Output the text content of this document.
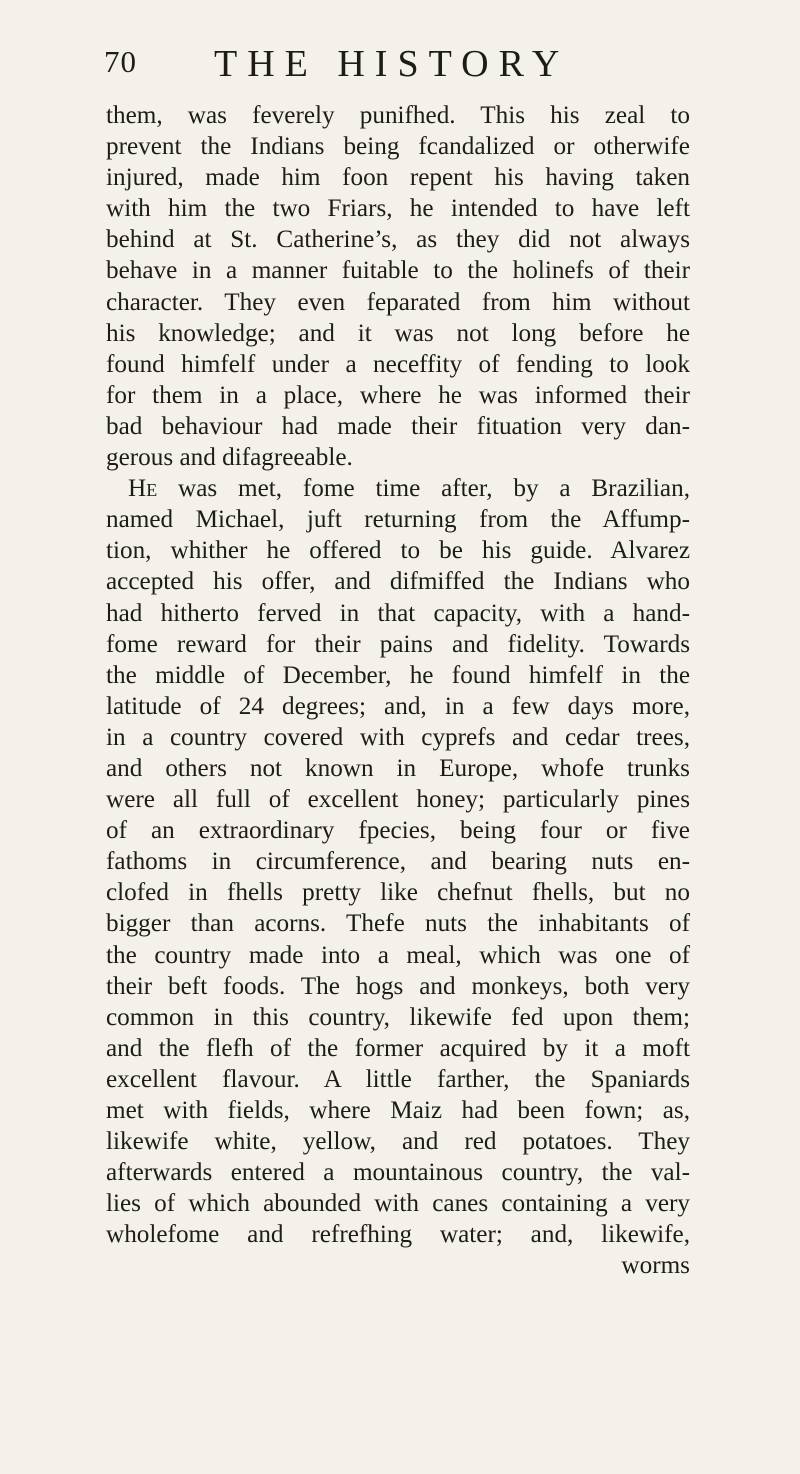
70 THE HISTORY
them, was feverely punifhed. This his zeal to
prevent the Indians being fcandalized or otherwife
injured, made him foon repent his having taken
with him the two Friars, he intended to have left
behind at St. Catherine’s, as they did not always
behave in a manner fuitable to the holinefs of their
character. They even feparated from him without
his knowledge; and it was not long before he
found himfelf under a neceffity of fending to look
for them in a place, where he was informed their
bad behaviour had made their fituation very dan-
gerous and difagreeable.
He was met, fome time after, by a Brazilian,
named Michael, juft returning from the Affump-
tion, whither he offered to be his guide. Alvarez
accepted his offer, and difmiffed the Indians who
had hitherto ferved in that capacity, with a hand-
fome reward for their pains and fidelity. Towards
the middle of December, he found himfelf in the
latitude of 24 degrees; and, in a few days more,
in a country covered with cyprefs and cedar trees,
and others not known in Europe, whofe trunks
were all full of excellent honey; particularly pines
of an extraordinary fpecies, being four or five
fathoms in circumference, and bearing nuts en-
clofed in fhells pretty like chefnut fhells, but no
bigger than acorns. Thefe nuts the inhabitants of
the country made into a meal, which was one of
their beft foods. The hogs and monkeys, both very
common in this country, likewife fed upon them;
and the flefh of the former acquired by it a moft
excellent flavour. A little farther, the Spaniards
met with fields, where Maiz had been fown; as,
likewife white, yellow, and red potatoes. They
afterwards entered a mountainous country, the val-
lies of which abounded with canes containing a very
wholefome and refrefhing water; and, likewife,
worms
